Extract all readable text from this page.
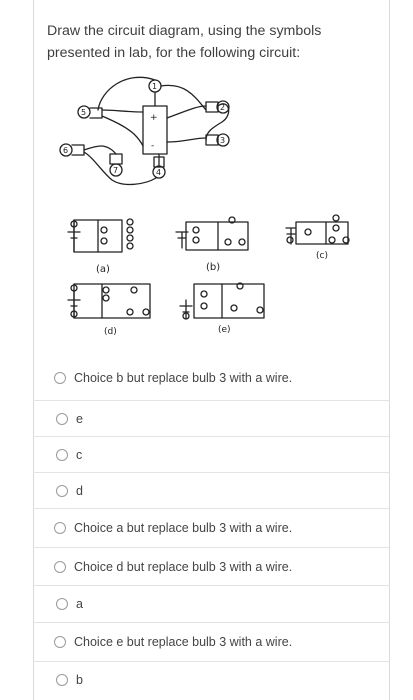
Draw the circuit diagram, using the symbols presented in lab, for the following circuit:
+
-
1
2
3
4
5
6
7
(a)	(b)
(c)
(d)	(e)
Choice b but replace bulb 3 with a wire.
e
c
d
Choice a but replace bulb 3 with a wire.
Choice d but replace bulb 3 with a wire.
a
Choice e but replace bulb 3 with a wire.
b
